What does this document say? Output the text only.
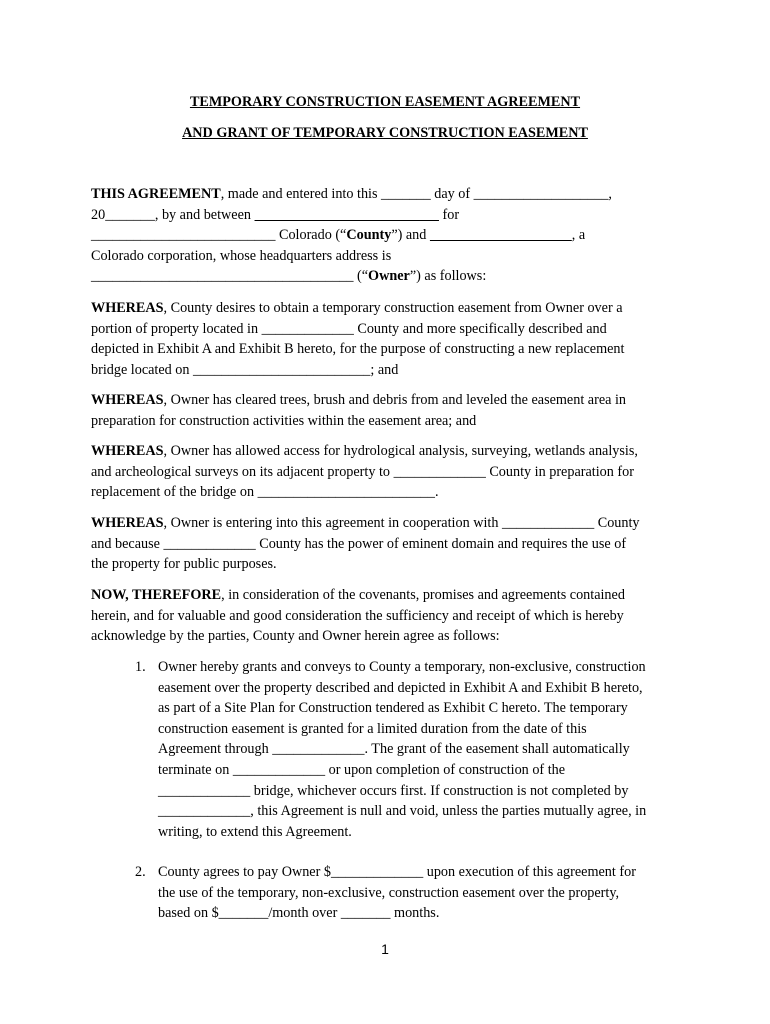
TEMPORARY CONSTRUCTION EASEMENT AGREEMENT
AND GRANT OF TEMPORARY CONSTRUCTION EASEMENT
THIS AGREEMENT, made and entered into this _______ day of ___________________,
20_______, by and between	for
__________________________ Colorado (“County”) and	, a
Colorado corporation, whose headquarters address is
_____________________________________ (“Owner”) as follows:
WHEREAS, County desires to obtain a temporary construction easement from Owner over a
portion of property located in _____________ County and more specifically described and
depicted in Exhibit A and Exhibit B hereto, for the purpose of constructing a new replacement
bridge located on _________________________; and
WHEREAS, Owner has cleared trees, brush and debris from and leveled the easement area in
preparation for construction activities within the easement area; and
WHEREAS, Owner has allowed access for hydrological analysis, surveying, wetlands analysis,
and archeological surveys on its adjacent property to _____________ County in preparation for
replacement of the bridge on _________________________.
WHEREAS, Owner is entering into this agreement in cooperation with _____________ County
and because _____________ County has the power of eminent domain and requires the use of
the property for public purposes.
NOW, THEREFORE, in consideration of the covenants, promises and agreements contained
herein, and for valuable and good consideration the sufficiency and receipt of which is hereby
acknowledge by the parties, County and Owner herein agree as follows:
1. Owner hereby grants and conveys to County a temporary, non-exclusive, construction
easement over the property described and depicted in Exhibit A and Exhibit B hereto,
as part of a Site Plan for Construction tendered as Exhibit C hereto. The temporary
construction easement is granted for a limited duration from the date of this
Agreement through _____________. The grant of the easement shall automatically
terminate on _____________ or upon completion of construction of the
_____________ bridge, whichever occurs first. If construction is not completed by
_____________, this Agreement is null and void, unless the parties mutually agree, in
writing, to extend this Agreement.
2. County agrees to pay Owner $_____________ upon execution of this agreement for
the use of the temporary, non-exclusive, construction easement over the property,
based on $_______/month over _______ months.
1
